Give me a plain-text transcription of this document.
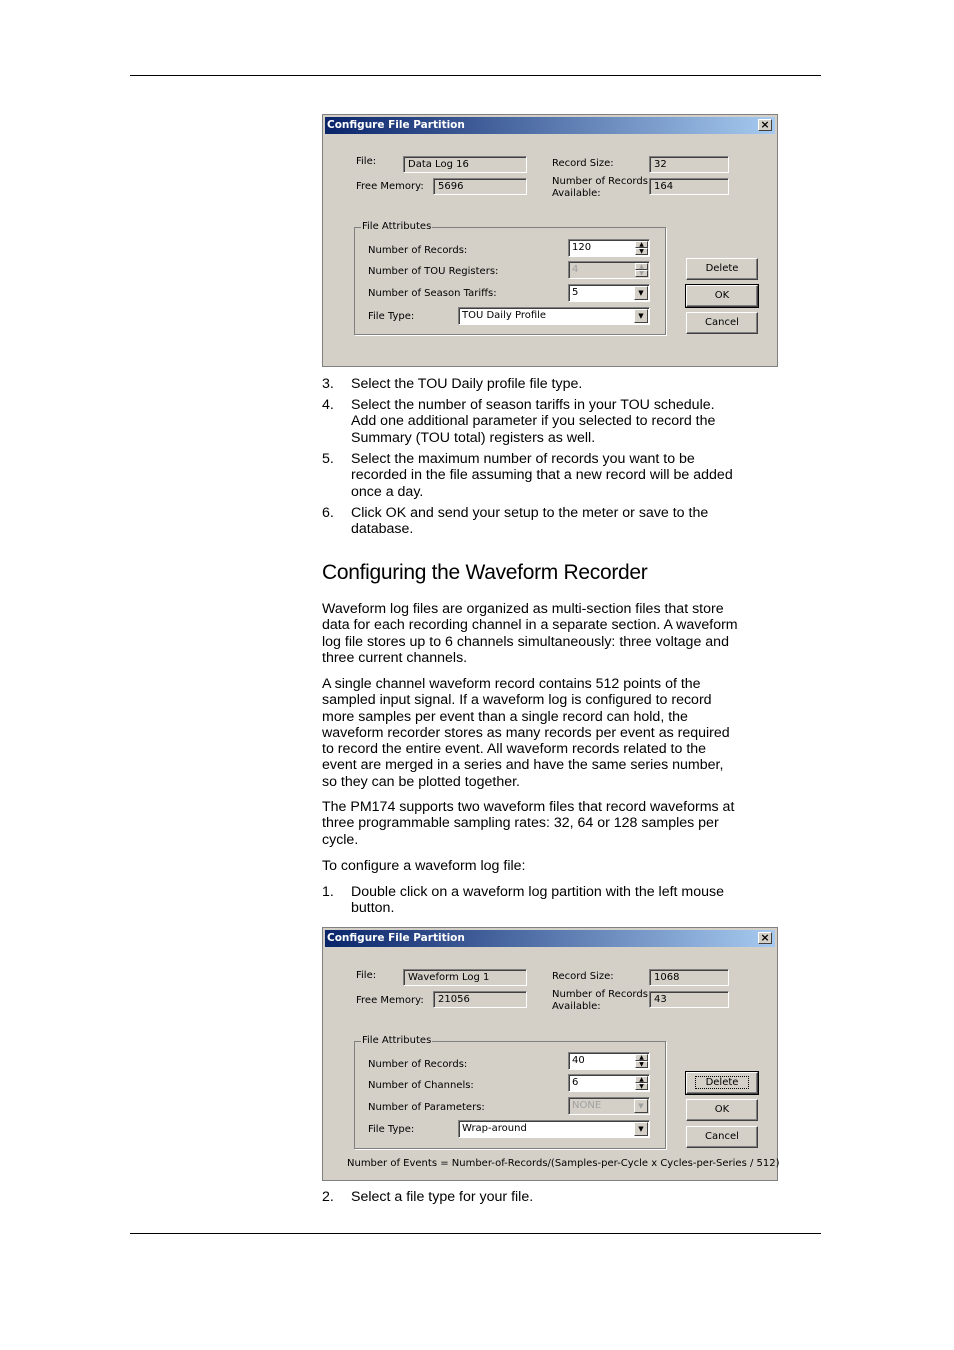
Configure File Partition	×
File:	Data Log 16
Free Memory:	5696
Record Size:	32
Number of Records
Available:
164
File Attributes
Number of Records:	120	▲
▼
Number of TOU Registers:	4	▲
▼
Number of Season Tariffs:	5	▼
File Type:	TOU Daily Profile	▼
Delete
OK
Cancel
3. Select the TOU Daily profile file type.
4. Select the number of season tariffs in your TOU schedule. Add one additional parameter if you selected to record the Summary (TOU total) registers as well.
5. Select the maximum number of records you want to be recorded in the file assuming that a new record will be added once a day.
6. Click OK and send your setup to the meter or save to the database.
Configuring the Waveform Recorder
Waveform log files are organized as multi-section files that store data for each recording channel in a separate section. A waveform log file stores up to 6 channels simultaneously: three voltage and three current channels.
A single channel waveform record contains 512 points of the sampled input signal. If a waveform log is configured to record more samples per event than a single record can hold, the waveform recorder stores as many records per event as required to record the entire event. All waveform records related to the event are merged in a series and have the same series number, so they can be plotted together.
The PM174 supports two waveform files that record waveforms at three programmable sampling rates: 32, 64 or 128 samples per cycle.
To configure a waveform log file:
1. Double click on a waveform log partition with the left mouse button.
Configure File Partition	×
File:	Waveform Log 1
Free Memory:	21056
Record Size:	1068
Number of Records
Available:
43
File Attributes
Number of Records:	40	▲
▼
Number of Channels:	6	▲
▼
Number of Parameters:	NONE	▼
File Type:	Wrap-around	▼
Delete
OK
Cancel
Number of Events = Number-of-Records/(Samples-per-Cycle x Cycles-per-Series / 512)
2. Select a file type for your file.
